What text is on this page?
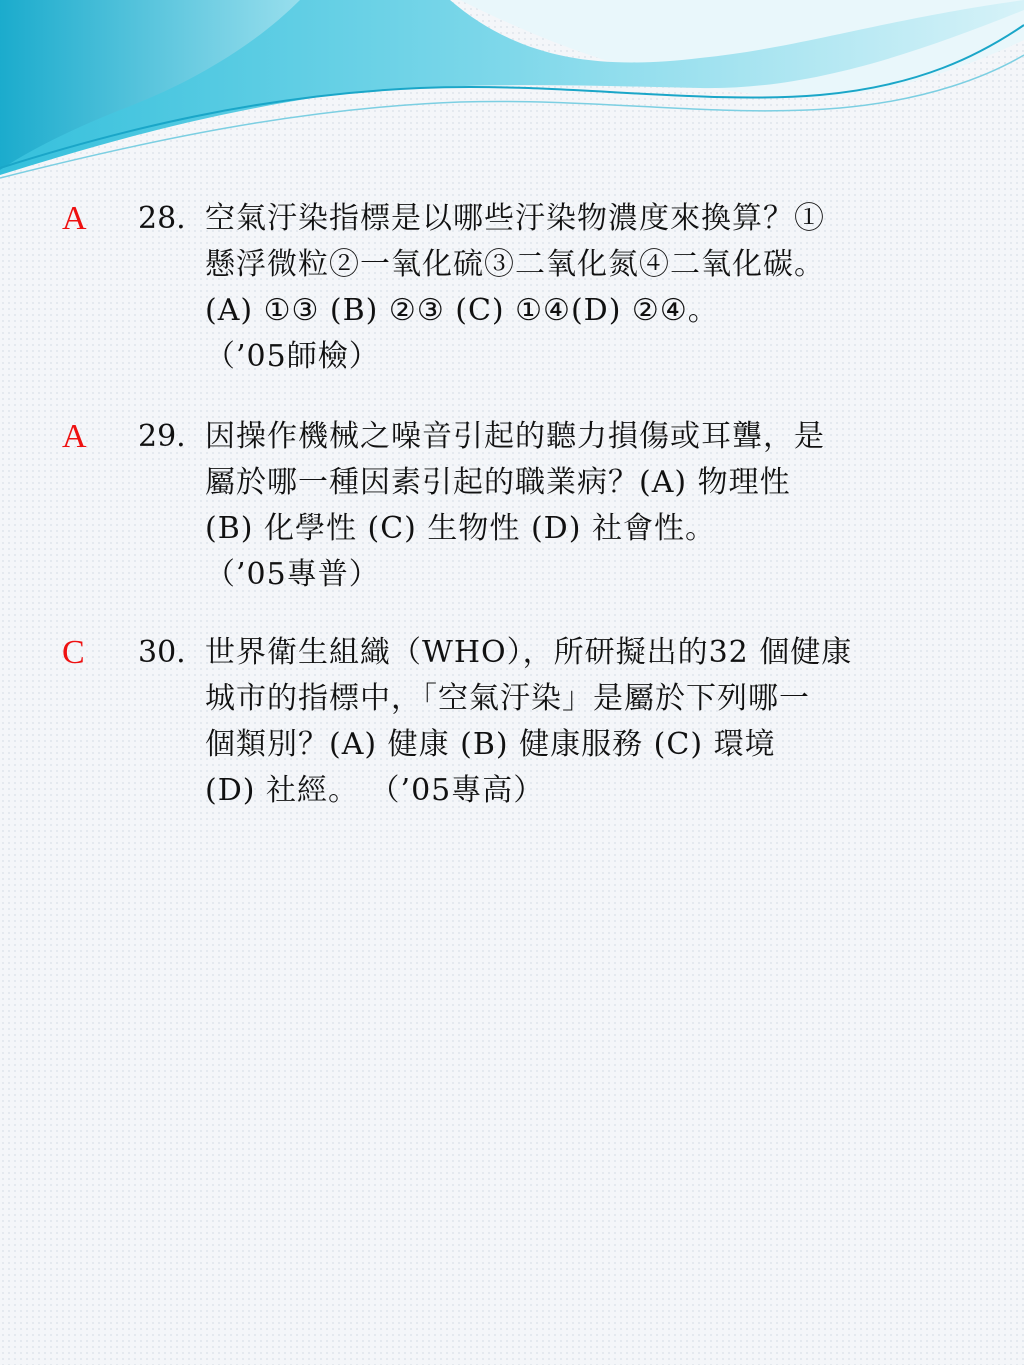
A 28. 空氣汙染指標是以哪些汙染物濃度來換算？①
懸浮微粒②一氧化硫③二氧化氮④二氧化碳。
(A) ①③ (B) ②③ (C) ①④(D) ②④。
（’05師檢）
A 29. 因操作機械之噪音引起的聽力損傷或耳聾，是
屬於哪一種因素引起的職業病？(A) 物理性
(B) 化學性 (C) 生物性 (D) 社會性。
（’05專普）
C 30. 世界衛生組織（WHO），所研擬出的32 個健康
城市的指標中，「空氣汙染」是屬於下列哪一
個類別？(A) 健康 (B) 健康服務 (C) 環境
(D) 社經。 （’05專高）
